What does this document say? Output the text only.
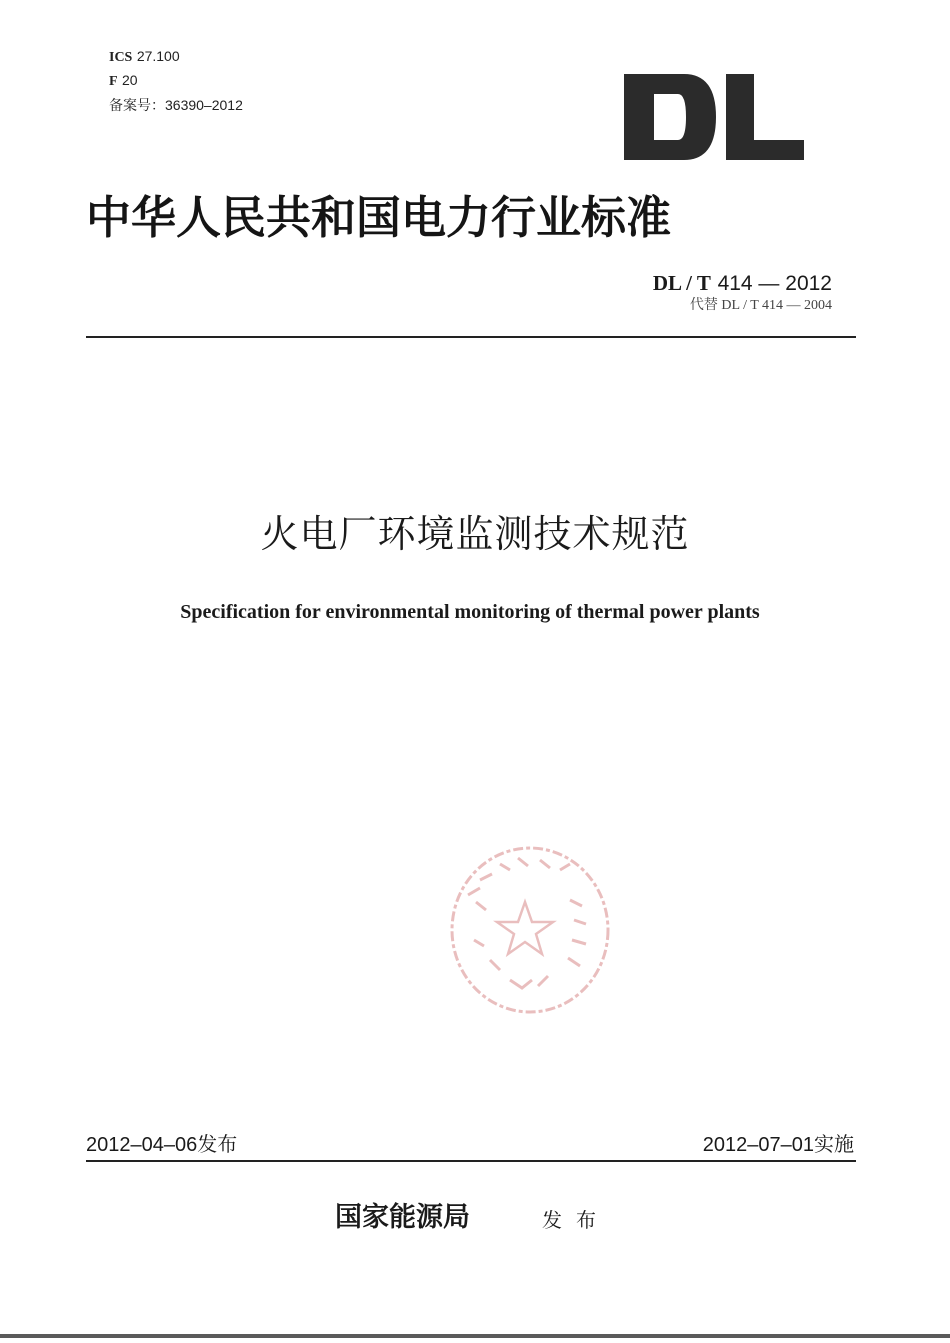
ICS 27.100
F 20
备案号：36390–2012
中华人民共和国电力行业标准
DL / T 414 — 2012
代替 DL / T 414 — 2004
火电厂环境监测技术规范
Specification for environmental monitoring of thermal power plants
2012–04–06发布	2012–07–01实施
国家能源局	发布
